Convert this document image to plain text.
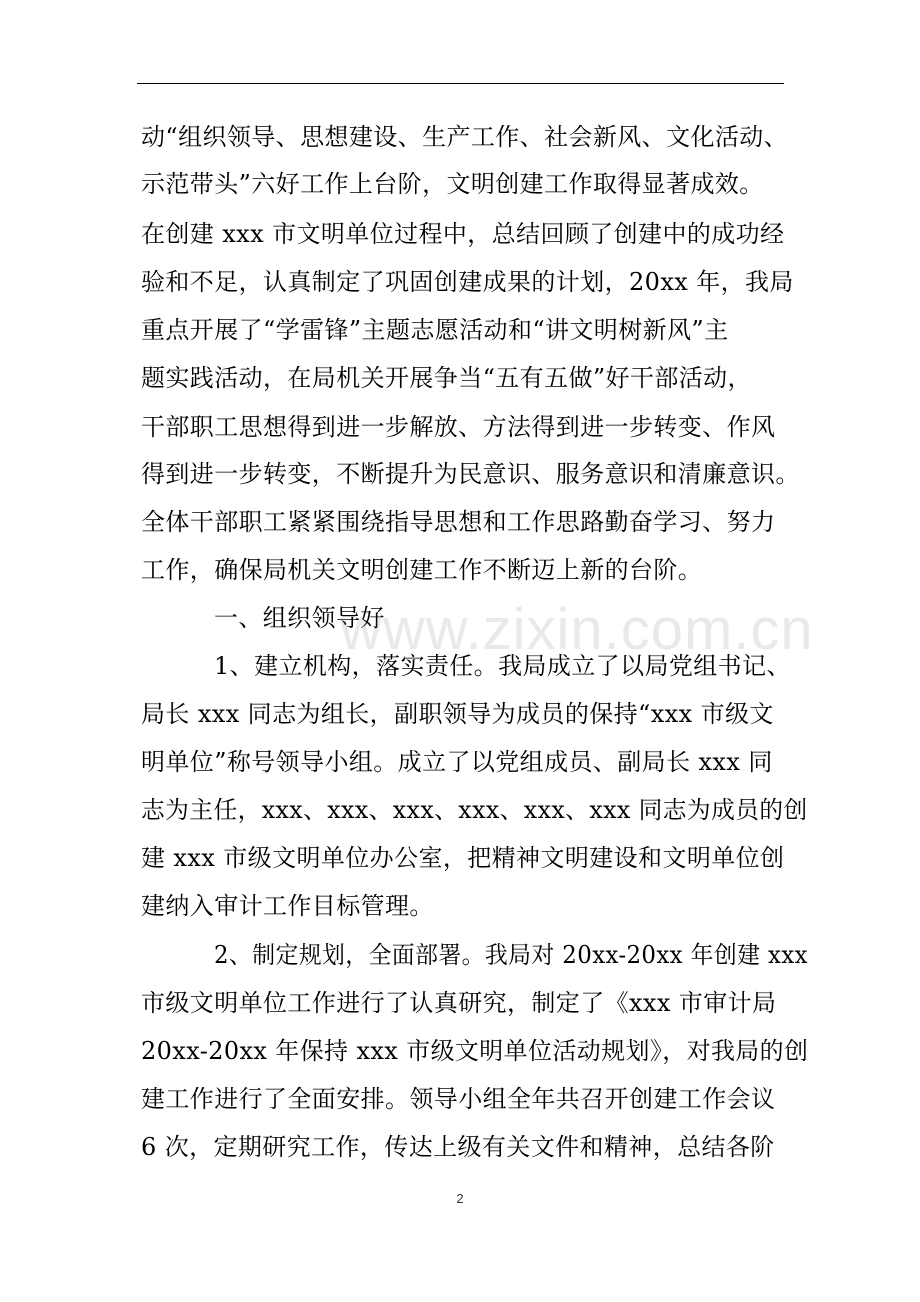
动“组织领导、思想建设、生产工作、社会新风、文化活动、
示范带头”六好工作上台阶，文明创建工作取得显著成效。
在创建 xxx 市文明单位过程中，总结回顾了创建中的成功经
验和不足，认真制定了巩固创建成果的计划，20xx 年，我局
重点开展了“学雷锋”主题志愿活动和“讲文明树新风”主
题实践活动，在局机关开展争当“五有五做”好干部活动，
干部职工思想得到进一步解放、方法得到进一步转变、作风
得到进一步转变，不断提升为民意识、服务意识和清廉意识。
全体干部职工紧紧围绕指导思想和工作思路勤奋学习、努力
工作，确保局机关文明创建工作不断迈上新的台阶。
一、组织领导好
1、建立机构，落实责任。我局成立了以局党组书记、
局长 xxx 同志为组长，副职领导为成员的保持“xxx 市级文
明单位”称号领导小组。成立了以党组成员、副局长 xxx 同
志为主任，xxx、xxx、xxx、xxx、xxx、xxx 同志为成员的创
建 xxx 市级文明单位办公室，把精神文明建设和文明单位创
建纳入审计工作目标管理。
2、制定规划，全面部署。我局对 20xx-20xx 年创建 xxx
市级文明单位工作进行了认真研究，制定了《xxx 市审计局
20xx-20xx 年保持 xxx 市级文明单位活动规划》，对我局的创
建工作进行了全面安排。领导小组全年共召开创建工作会议
6 次，定期研究工作，传达上级有关文件和精神，总结各阶
www.zixin.com.cn
2
